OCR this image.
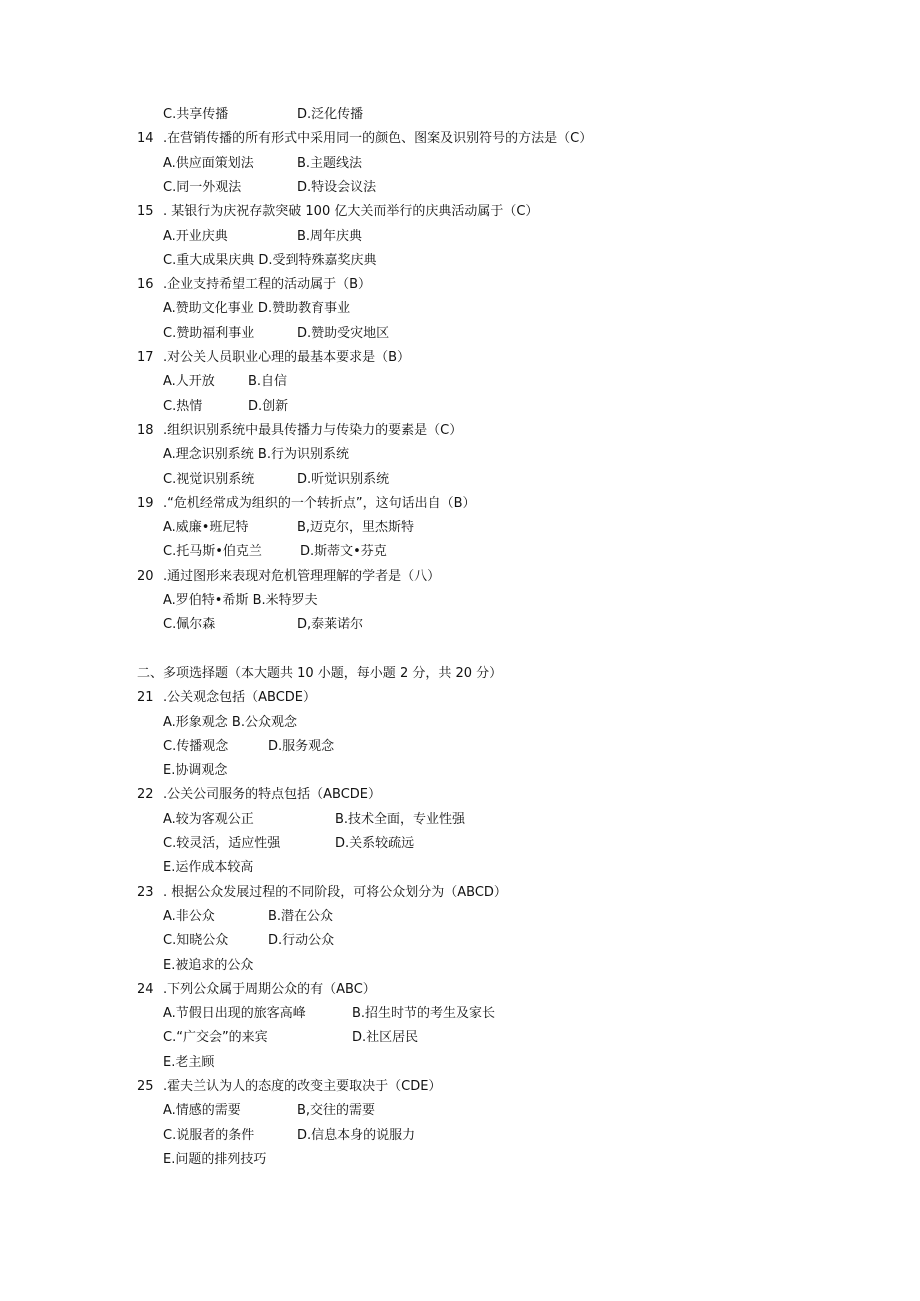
C.共享传播	D.泛化传播
14 .在营销传播的所有形式中采用同一的颜色、图案及识别符号的方法是（C）
A.供应面策划法	B.主题线法
C.同一外观法	D.特设会议法
15 . 某银行为庆祝存款突破 100 亿大关而举行的庆典活动属于（C）
A.开业庆典	B.周年庆典
C.重大成果庆典 D.受到特殊嘉奖庆典
16 .企业支持希望工程的活动属于（B）
A.赞助文化事业 D.赞助教育事业
C.赞助福利事业	D.赞助受灾地区
17 .对公关人员职业心理的最基本要求是（B）
A.人开放	B.自信
C.热情	D.创新
18 .组织识别系统中最具传播力与传染力的要素是（C）
A.理念识别系统 B.行为识别系统
C.视觉识别系统	D.听觉识别系统
19 .“危机经常成为组织的一个转折点”，这句话出自（B）
A.威廉•班尼特	B,迈克尔，里杰斯特
C.托马斯•伯克兰	D.斯蒂文•芬克
20 .通过图形来表现对危机管理理解的学者是（八）
A.罗伯特•希斯 B.米特罗夫
C.佩尔森	D,泰莱诺尔
二、多项选择题（本大题共 10 小题，每小题 2 分，共 20 分）
21 .公关观念包括（ABCDE）
A.形象观念 B.公众观念
C.传播观念	D.服务观念
E.协调观念
22 .公关公司服务的特点包括（ABCDE）
A.较为客观公正	B.技术全面，专业性强
C.较灵活，适应性强	D.关系较疏远
E.运作成本较高
23 . 根据公众发展过程的不同阶段，可将公众划分为（ABCD）
A.非公众	B.潜在公众
C.知晓公众	D.行动公众
E.被追求的公众
24 .下列公众属于周期公众的有（ABC）
A.节假日出现的旅客高峰	B.招生时节的考生及家长
C.“广交会”的来宾	D.社区居民
E.老主顾
25 .霍夫兰认为人的态度的改变主要取决于（CDE）
A.情感的需要	B,交往的需要
C.说服者的条件	D.信息本身的说服力
E.问题的排列技巧
